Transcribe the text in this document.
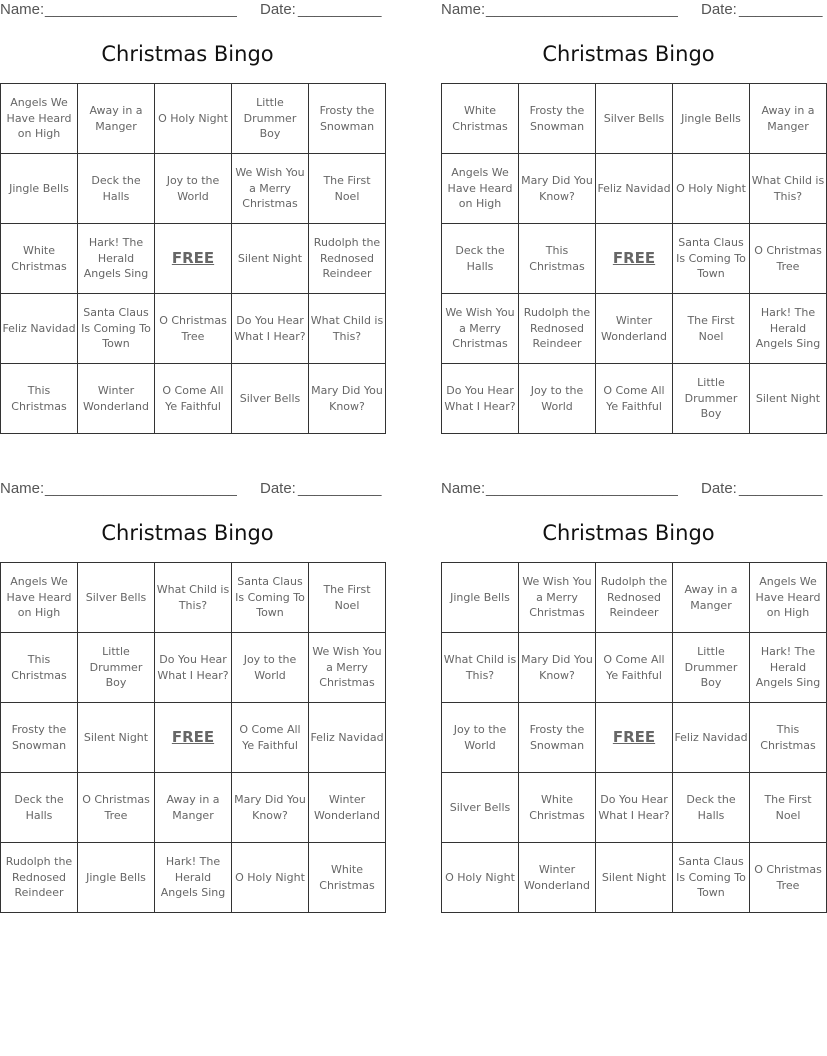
Name: _______________________ Date: __________
Christmas Bingo
Angels We Have Heard on High	Away in a Manger	O Holy Night	Little Drummer Boy	Frosty the Snowman
Jingle Bells	Deck the Halls	Joy to the World	We Wish You a Merry Christmas	The First Noel
White Christmas	Hark! The Herald Angels Sing	FREE	Silent Night	Rudolph the Rednosed Reindeer
Feliz Navidad	Santa Claus Is Coming To Town	O Christmas Tree	Do You Hear What I Hear?	What Child is This?
This Christmas	Winter Wonderland	O Come All Ye Faithful	Silver Bells	Mary Did You Know?
Name: _______________________ Date: __________
Christmas Bingo
White Christmas	Frosty the Snowman	Silver Bells	Jingle Bells	Away in a Manger
Angels We Have Heard on High	Mary Did You Know?	Feliz Navidad	O Holy Night	What Child is This?
Deck the Halls	This Christmas	FREE	Santa Claus Is Coming To Town	O Christmas Tree
We Wish You a Merry Christmas	Rudolph the Rednosed Reindeer	Winter Wonderland	The First Noel	Hark! The Herald Angels Sing
Do You Hear What I Hear?	Joy to the World	O Come All Ye Faithful	Little Drummer Boy	Silent Night
Name: _______________________ Date: __________
Christmas Bingo
Angels We Have Heard on High	Silver Bells	What Child is This?	Santa Claus Is Coming To Town	The First Noel
This Christmas	Little Drummer Boy	Do You Hear What I Hear?	Joy to the World	We Wish You a Merry Christmas
Frosty the Snowman	Silent Night	FREE	O Come All Ye Faithful	Feliz Navidad
Deck the Halls	O Christmas Tree	Away in a Manger	Mary Did You Know?	Winter Wonderland
Rudolph the Rednosed Reindeer	Jingle Bells	Hark! The Herald Angels Sing	O Holy Night	White Christmas
Name: _______________________ Date: __________
Christmas Bingo
Jingle Bells	We Wish You a Merry Christmas	Rudolph the Rednosed Reindeer	Away in a Manger	Angels We Have Heard on High
What Child is This?	Mary Did You Know?	O Come All Ye Faithful	Little Drummer Boy	Hark! The Herald Angels Sing
Joy to the World	Frosty the Snowman	FREE	Feliz Navidad	This Christmas
Silver Bells	White Christmas	Do You Hear What I Hear?	Deck the Halls	The First Noel
O Holy Night	Winter Wonderland	Silent Night	Santa Claus Is Coming To Town	O Christmas Tree
